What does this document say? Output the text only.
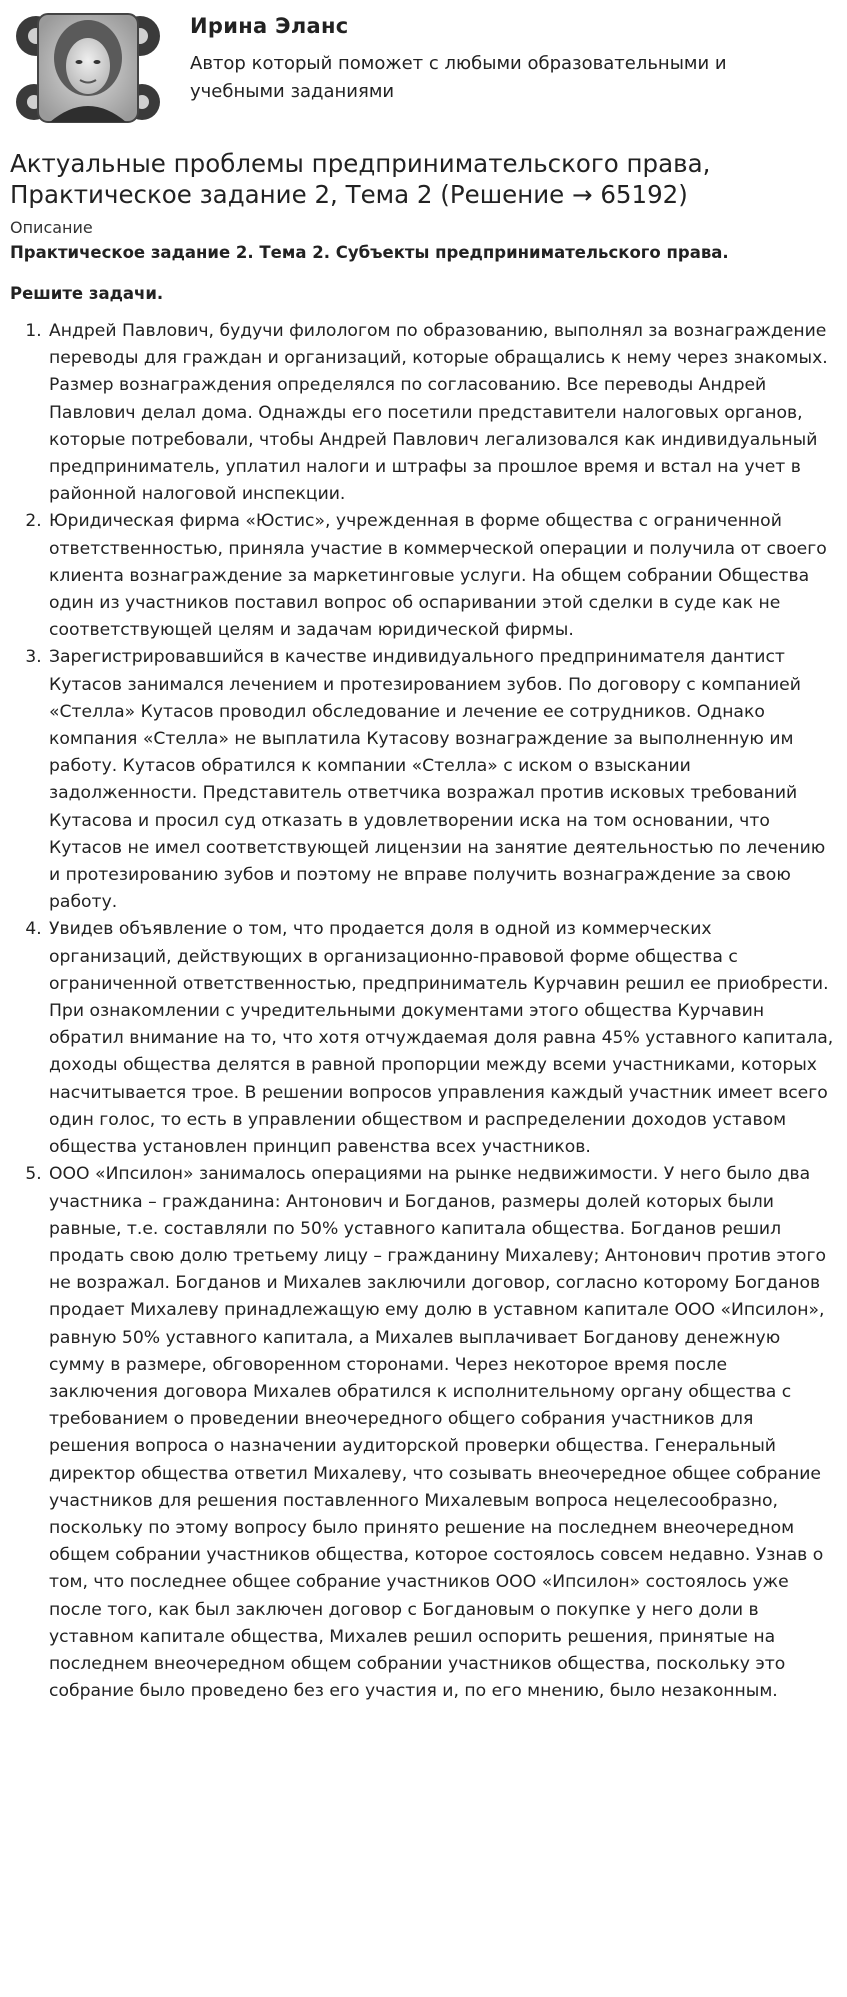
Ирина Эланс
Автор который поможет с любыми образовательными и учебными заданиями
Актуальные проблемы предпринимательского права, Практическое задание 2, Тема 2 (Решение → 65192)
Описание
Практическое задание 2. Тема 2. Субъекты предпринимательского права.
Решите задачи.
1. Андрей Павлович, будучи филологом по образованию, выполнял за вознаграждение переводы для граждан и организаций, которые обращались к нему через знакомых. Размер вознаграждения определялся по согласованию. Все переводы Андрей Павлович делал дома. Однажды его посетили представители налоговых органов, которые потребовали, чтобы Андрей Павлович легализовался как индивидуальный предприниматель, уплатил налоги и штрафы за прошлое время и встал на учет в районной налоговой инспекции.
2. Юридическая фирма «Юстис», учрежденная в форме общества с ограниченной ответственностью, приняла участие в коммерческой операции и получила от своего клиента вознаграждение за маркетинговые услуги. На общем собрании Общества один из участников поставил вопрос об оспаривании этой сделки в суде как не соответствующей целям и задачам юридической фирмы.
3. Зарегистрировавшийся в качестве индивидуального предпринимателя дантист Кутасов занимался лечением и протезированием зубов. По договору с компанией «Стелла» Кутасов проводил обследование и лечение ее сотрудников. Однако компания «Стелла» не выплатила Кутасову вознаграждение за выполненную им работу. Кутасов обратился к компании «Стелла» с иском о взыскании задолженности. Представитель ответчика возражал против исковых требований Кутасова и просил суд отказать в удовлетворении иска на том основании, что Кутасов не имел соответствующей лицензии на занятие деятельностью по лечению и протезированию зубов и поэтому не вправе получить вознаграждение за свою работу.
4. Увидев объявление о том, что продается доля в одной из коммерческих организаций, действующих в организационно-правовой форме общества с ограниченной ответственностью, предприниматель Курчавин решил ее приобрести. При ознакомлении с учредительными документами этого общества Курчавин обратил внимание на то, что хотя отчуждаемая доля равна 45% уставного капитала, доходы общества делятся в равной пропорции между всеми участниками, которых насчитывается трое. В решении вопросов управления каждый участник имеет всего один голос, то есть в управлении обществом и распределении доходов уставом общества установлен принцип равенства всех участников.
5. ООО «Ипсилон» занималось операциями на рынке недвижимости. У него было два участника – гражданина: Антонович и Богданов, размеры долей которых были равные, т.е. составляли по 50% уставного капитала общества. Богданов решил продать свою долю третьему лицу – гражданину Михалеву; Антонович против этого не возражал. Богданов и Михалев заключили договор, согласно которому Богданов продает Михалеву принадлежащую ему долю в уставном капитале ООО «Ипсилон», равную 50% уставного капитала, а Михалев выплачивает Богданову денежную сумму в размере, обговоренном сторонами. Через некоторое время после заключения договора Михалев обратился к исполнительному органу общества с требованием о проведении внеочередного общего собрания участников для решения вопроса о назначении аудиторской проверки общества. Генеральный директор общества ответил Михалеву, что созывать внеочередное общее собрание участников для решения поставленного Михалевым вопроса нецелесообразно, поскольку по этому вопросу было принято решение на последнем внеочередном общем собрании участников общества, которое состоялось совсем недавно. Узнав о том, что последнее общее собрание участников ООО «Ипсилон» состоялось уже после того, как был заключен договор с Богдановым о покупке у него доли в уставном капитале общества, Михалев решил оспорить решения, принятые на последнем внеочередном общем собрании участников общества, поскольку это собрание было проведено без его участия и, по его мнению, было незаконным.
